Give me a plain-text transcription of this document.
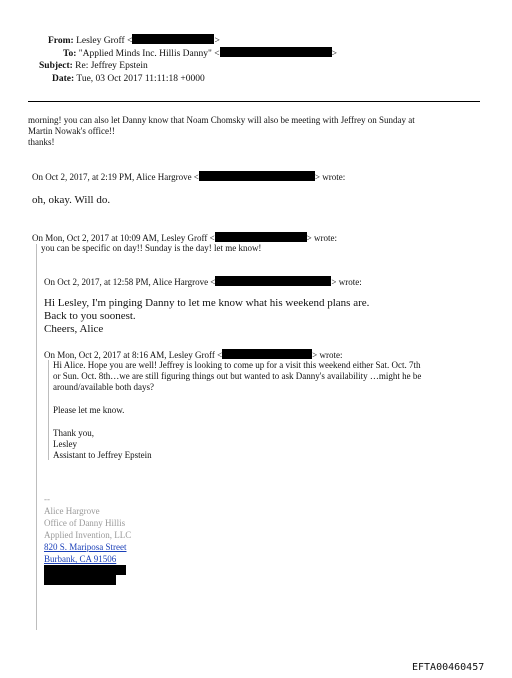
From: Lesley Groff <	>
To: "Applied Minds Inc. Hillis Danny" <	>
Subject: Re: Jeffrey Epstein
Date: Tue, 03 Oct 2017 11:11:18 +0000
morning! you can also let Danny know that Noam Chomsky will also be meeting with Jeffrey on Sunday at
Martin Nowak's office!!
thanks!
On Oct 2, 2017, at 2:19 PM, Alice Hargrove <	> wrote:
oh, okay. Will do.
On Mon, Oct 2, 2017 at 10:09 AM, Lesley Groff <	> wrote:
you can be specific on day!! Sunday is the day! let me know!
On Oct 2, 2017, at 12:58 PM, Alice Hargrove <	> wrote:
Hi Lesley, I'm pinging Danny to let me know what his weekend plans are.
Back to you soonest.
Cheers, Alice
On Mon, Oct 2, 2017 at 8:16 AM, Lesley Groff <	> wrote:
Hi Alice. Hope you are well! Jeffrey is looking to come up for a visit this weekend either Sat. Oct. 7th
or Sun. Oct. 8th…we are still figuring things out but wanted to ask Danny's availability …might he be
around/available both days?
Please let me know.
Thank you,
Lesley
Assistant to Jeffrey Epstein
--
Alice Hargrove
Office of Danny Hillis
Applied Invention, LLC
820 S. Mariposa Street
Burbank, CA 91506
EFTA00460457
